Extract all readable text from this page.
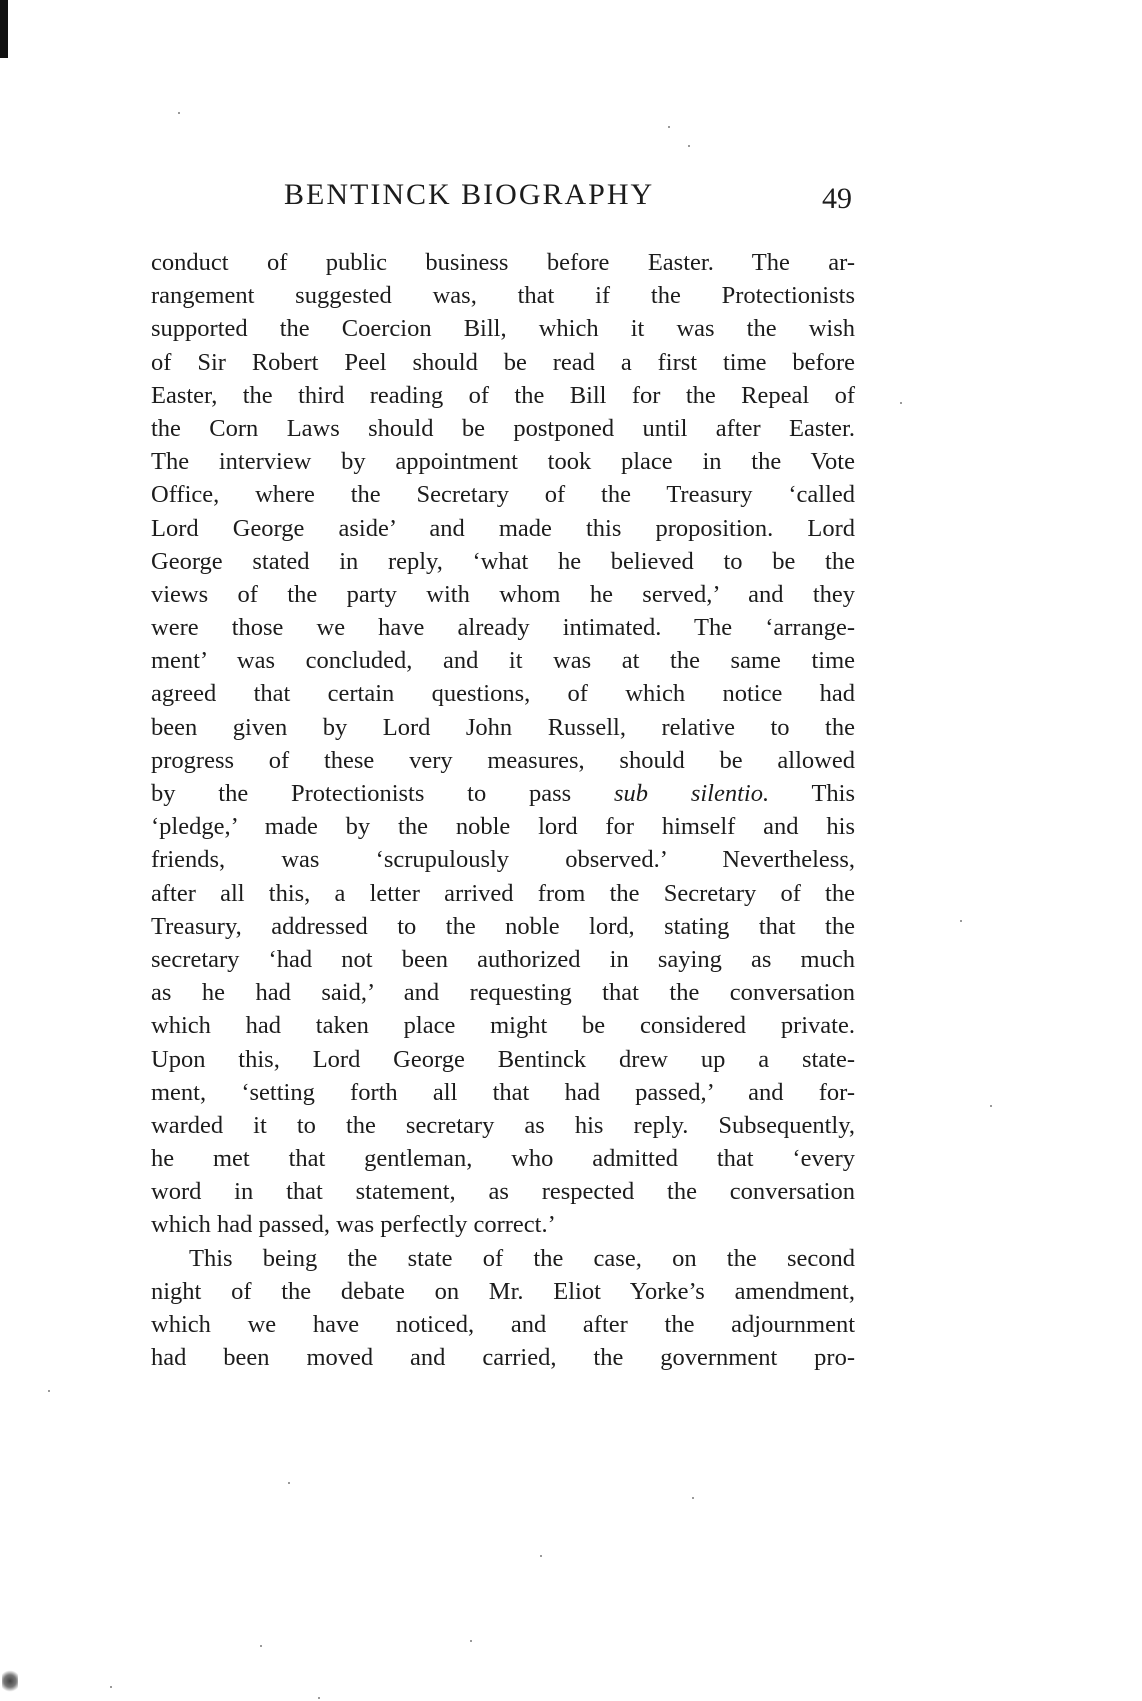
BENTINCK BIOGRAPHY	49
conduct of public business before Easter. The ar-
rangement suggested was, that if the Protectionists
supported the Coercion Bill, which it was the wish
of Sir Robert Peel should be read a first time before
Easter, the third reading of the Bill for the Repeal of
the Corn Laws should be postponed until after Easter.
The interview by appointment took place in the Vote
Office, where the Secretary of the Treasury ‘called
Lord George aside’ and made this proposition. Lord
George stated in reply, ‘what he believed to be the
views of the party with whom he served,’ and they
were those we have already intimated. The ‘arrange-
ment’ was concluded, and it was at the same time
agreed that certain questions, of which notice had
been given by Lord John Russell, relative to the
progress of these very measures, should be allowed
by the Protectionists to pass sub silentio. This
‘pledge,’ made by the noble lord for himself and his
friends, was ‘scrupulously observed.’ Nevertheless,
after all this, a letter arrived from the Secretary of the
Treasury, addressed to the noble lord, stating that the
secretary ‘had not been authorized in saying as much
as he had said,’ and requesting that the conversation
which had taken place might be considered private.
Upon this, Lord George Bentinck drew up a state-
ment, ‘setting forth all that had passed,’ and for-
warded it to the secretary as his reply. Subsequently,
he met that gentleman, who admitted that ‘every
word in that statement, as respected the conversation
which had passed, was perfectly correct.’
This being the state of the case, on the second
night of the debate on Mr. Eliot Yorke’s amendment,
which we have noticed, and after the adjournment
had been moved and carried, the government pro-
